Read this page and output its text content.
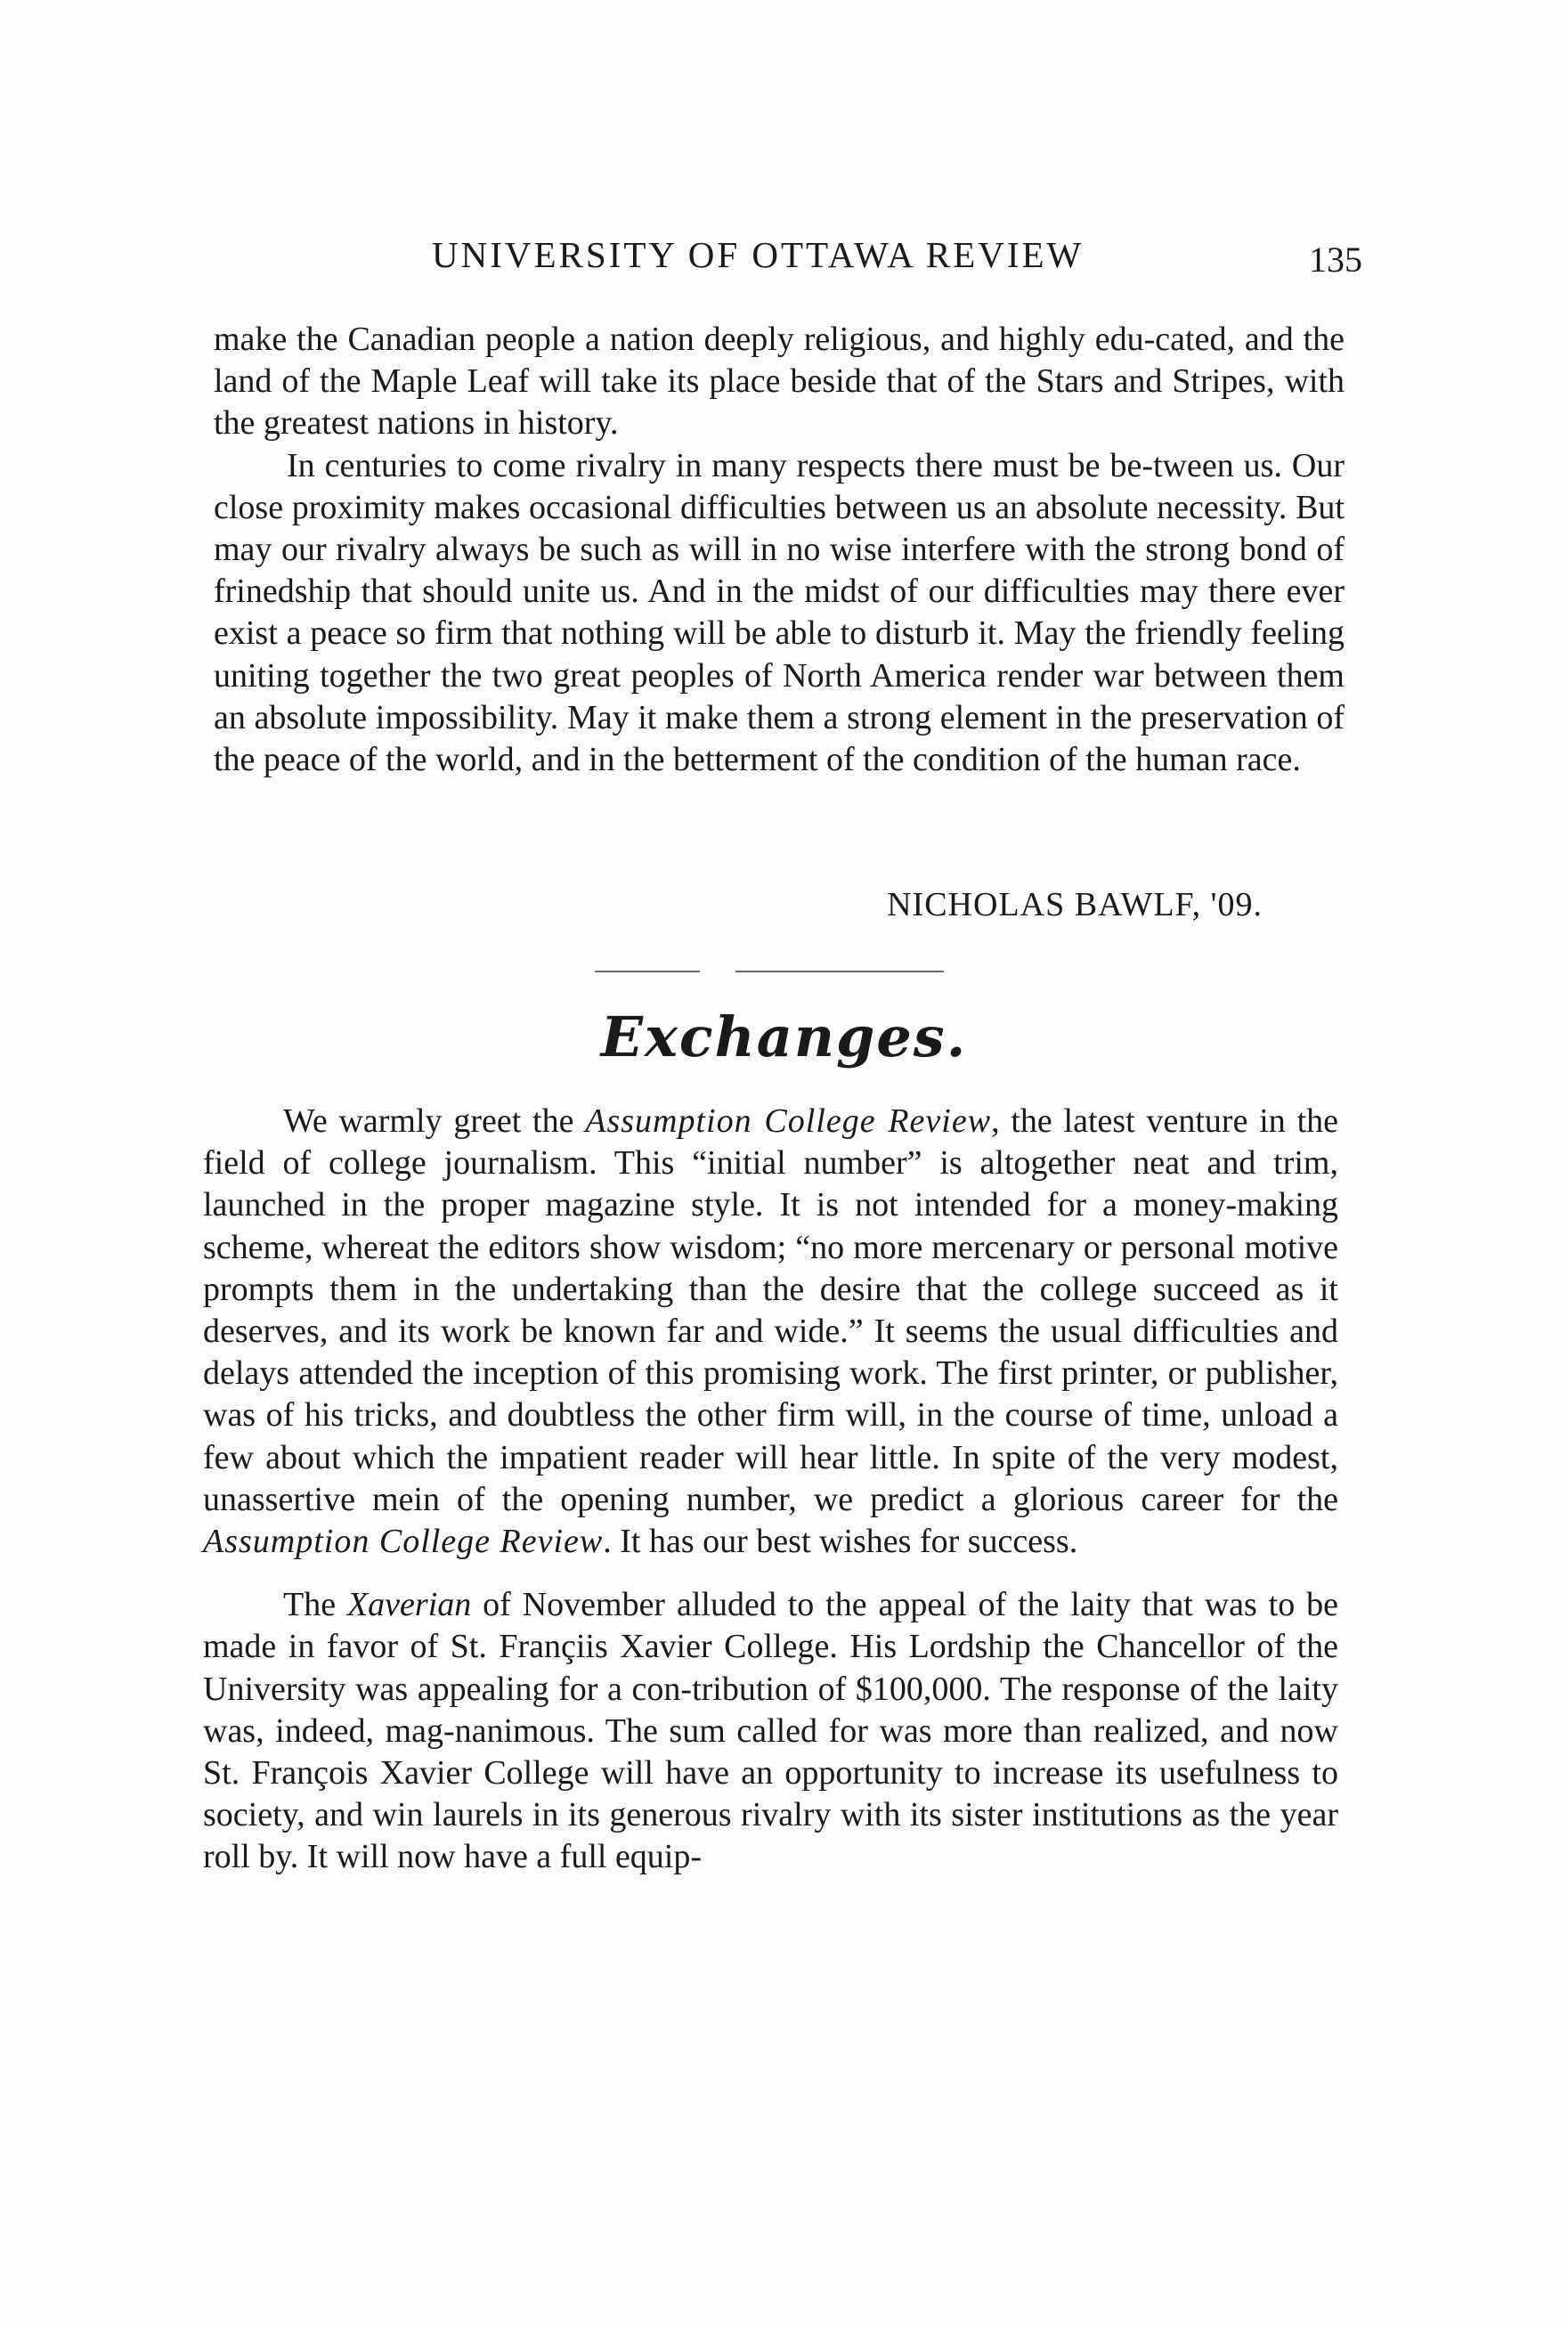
UNIVERSITY OF OTTAWA REVIEW	135

make the Canadian people a nation deeply religious, and highly edu-cated, and the land of the Maple Leaf will take its place beside that of the Stars and Stripes, with the greatest nations in history.

In centuries to come rivalry in many respects there must be be-tween us. Our close proximity makes occasional difficulties between us an absolute necessity. But may our rivalry always be such as will in no wise interfere with the strong bond of frinedship that should unite us. And in the midst of our difficulties may there ever exist a peace so firm that nothing will be able to disturb it. May the friendly feeling uniting together the two great peoples of North America render war between them an absolute impossibility. May it make them a strong element in the preservation of the peace of the world, and in the betterment of the condition of the human race.

NICHOLAS BAWLF, '09.
Exchanges.

We warmly greet the Assumption College Review, the latest venture in the field of college journalism. This “initial number” is altogether neat and trim, launched in the proper magazine style. It is not intended for a money-making scheme, whereat the editors show wisdom; “no more mercenary or personal motive prompts them in the undertaking than the desire that the college succeed as it deserves, and its work be known far and wide.” It seems the usual difficulties and delays attended the inception of this promising work. The first printer, or publisher, was of his tricks, and doubtless the other firm will, in the course of time, unload a few about which the impatient reader will hear little. In spite of the very modest, unassertive mein of the opening number, we predict a glorious career for the Assumption College Review. It has our best wishes for success.

The Xaverian of November alluded to the appeal of the laity that was to be made in favor of St. Françiis Xavier College. His Lordship the Chancellor of the University was appealing for a con-tribution of $100,000. The response of the laity was, indeed, mag-nanimous. The sum called for was more than realized, and now St. François Xavier College will have an opportunity to increase its usefulness to society, and win laurels in its generous rivalry with its sister institutions as the year roll by. It will now have a full equip-
